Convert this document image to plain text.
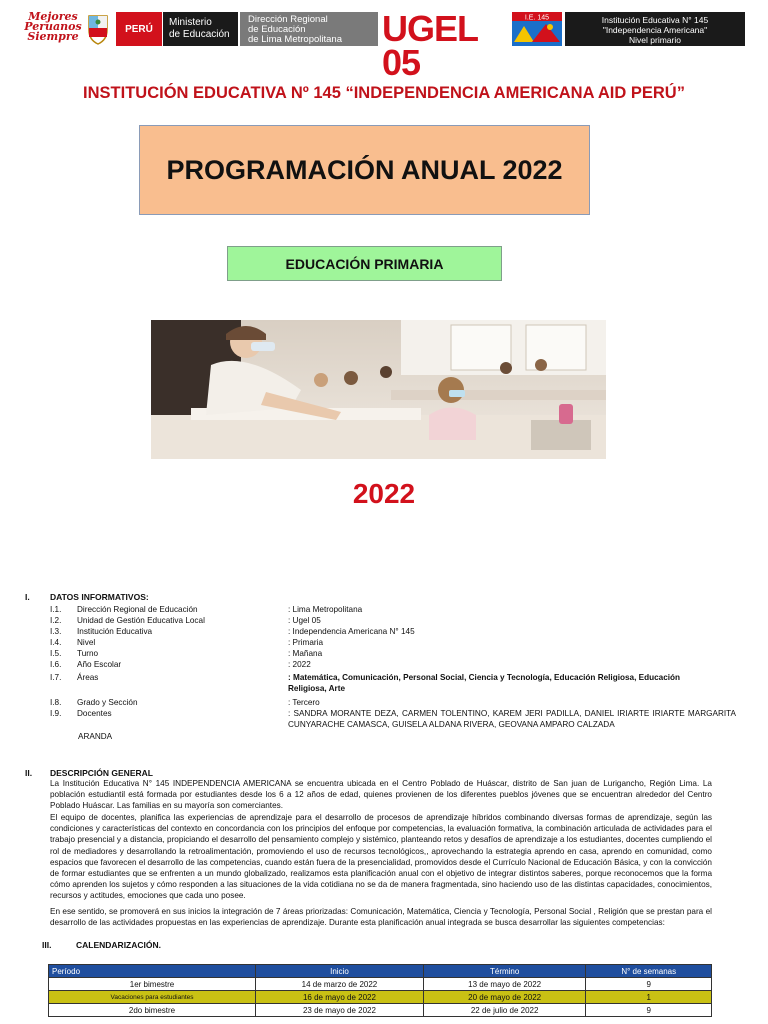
Mejores Peruanos Siempre
PERÚ
Ministerio
de Educación
Dirección Regional
de Educación
de Lima Metropolitana	UGEL 05
I.E. 145	Institución Educativa N° 145
"Independencia Americana"
Nivel primario
INSTITUCIÓN EDUCATIVA Nº 145 “INDEPENDENCIA AMERICANA AID PERÚ”
PROGRAMACIÓN ANUAL 2022
EDUCACIÓN PRIMARIA
2022
I. DATOS INFORMATIVOS:
I.1. Dirección Regional de Educación	: Lima Metropolitana
I.2. Unidad de Gestión Educativa Local	: Ugel 05
I.3. Institución Educativa	: Independencia Americana N° 145
I.4. Nivel	: Primaria
I.5. Turno	: Mañana
I.6. Año Escolar	: 2022
I.7. Áreas	: Matemática, Comunicación, Personal Social, Ciencia y Tecnología, Educación Religiosa, Educación Religiosa, Arte
I.8. Grado y Sección	: Tercero
I.9. Docentes	: SANDRA MORANTE DEZA, CARMEN TOLENTINO, KAREM JERI PADILLA, DANIEL IRIARTE IRIARTE MARGARITA CUNYARACHE CAMASCA, GUISELA ALDANA RIVERA, GEOVANA AMPARO CALZADA
ARANDA
II. DESCRIPCIÓN GENERAL
La Institución Educativa N° 145 INDEPENDENCIA AMERICANA se encuentra ubicada en el Centro Poblado de Huáscar, distrito de San juan de Lurigancho, Región Lima. La población estudiantil está formada por estudiantes desde los 6 a 12 años de edad, quienes provienen de los diferentes pueblos jóvenes que se encuentran alrededor del Centro Poblado Huáscar. Las familias en su mayoría son comerciantes.
El equipo de docentes, planifica las experiencias de aprendizaje para el desarrollo de procesos de aprendizaje híbridos combinando diversas formas de aprendizaje, según las condiciones y características del contexto en concordancia con los principios del enfoque por competencias, la evaluación formativa, la combinación articulada de actividades para el trabajo presencial y a distancia, propiciando el desarrollo del pensamiento complejo y sistémico, planteando retos y desafíos de aprendizaje a los estudiantes, docentes cumpliendo el rol de mediadores y desarrollando la retroalimentación, promoviendo el uso de recursos tecnológicos,, aprovechando la estrategia aprendo en casa, aprendo en comunidad, como espacios que favorecen el desarrollo de las competencias, cuando están fuera de la presencialidad, promovidos desde el Currículo Nacional de Educación Básica, y con la convicción de formar estudiantes que se enfrenten a un mundo globalizado, realizamos esta planificación anual con el objetivo de integrar distintos saberes, porque reconocemos que la forma cómo aprenden los sujetos y cómo responden a las situaciones de la vida cotidiana no se da de manera fragmentada, sino haciendo uso de las distintas capacidades, conocimientos, recursos y actitudes, emociones que cada uno posee.
En ese sentido, se promoverá en sus inicios la integración de 7 áreas priorizadas: Comunicación, Matemática, Ciencia y Tecnología, Personal Social , Religión que se prestan para el desarrollo de las actividades propuestas en las experiencias de aprendizaje. Durante esta planificación anual integrada se busca desarrollar las siguientes competencias:
III.	CALENDARIZACIÓN.
Período	Inicio	Término	N° de semanas
1er bimestre	14 de marzo de 2022	13 de mayo de 2022	9
Vacaciones para estudiantes	16 de mayo de 2022	20 de mayo de 2022	1
2do bimestre	23 de mayo de 2022	22 de julio de 2022	9
